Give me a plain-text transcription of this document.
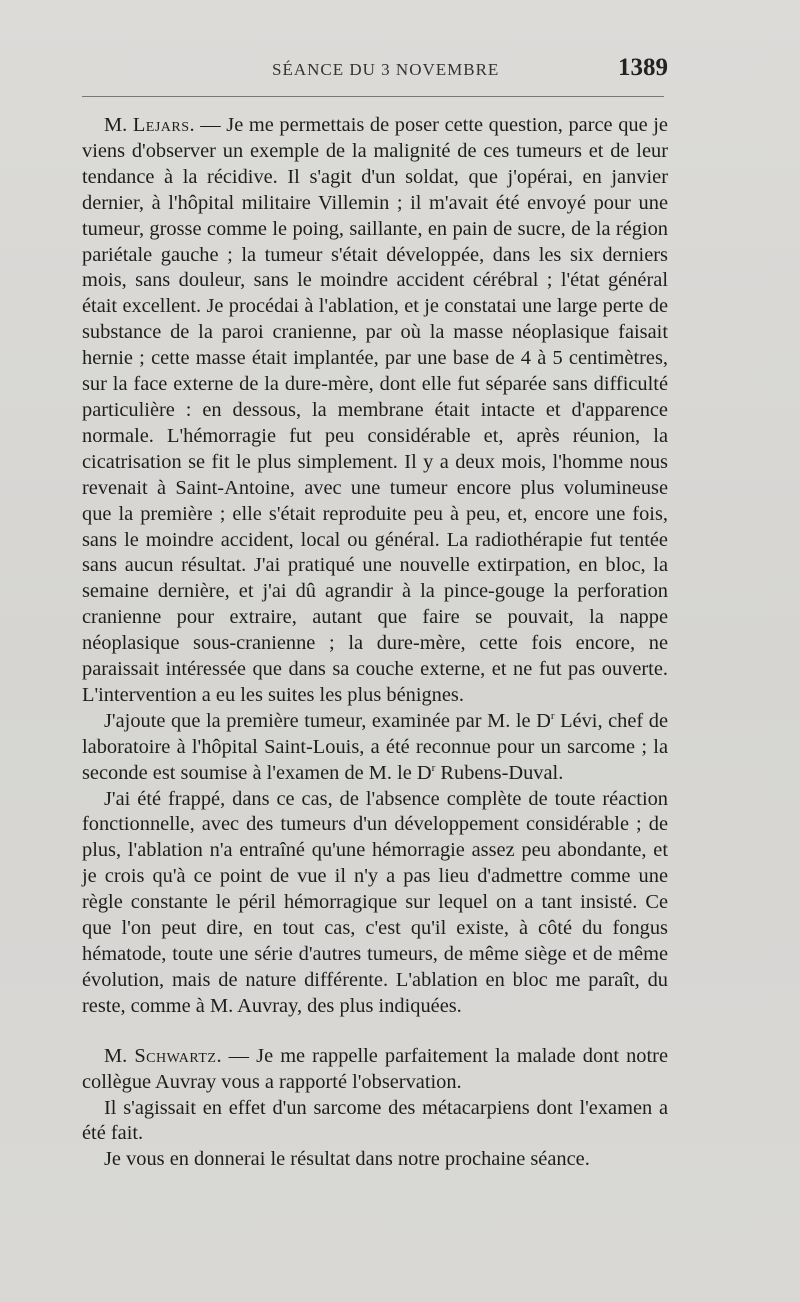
SÉANCE DU 3 NOVEMBRE	1389

M. Lejars. — Je me permettais de poser cette question, parce que je viens d'observer un exemple de la malignité de ces tumeurs et de leur tendance à la récidive. Il s'agit d'un soldat, que j'opérai, en janvier dernier, à l'hôpital militaire Villemin ; il m'avait été envoyé pour une tumeur, grosse comme le poing, saillante, en pain de sucre, de la région pariétale gauche ; la tumeur s'était développée, dans les six derniers mois, sans douleur, sans le moindre accident cérébral ; l'état général était excellent. Je procédai à l'ablation, et je constatai une large perte de substance de la paroi cranienne, par où la masse néoplasique faisait hernie ; cette masse était implantée, par une base de 4 à 5 centimètres, sur la face externe de la dure-mère, dont elle fut séparée sans difficulté particulière : en dessous, la membrane était intacte et d'apparence normale. L'hémorragie fut peu considérable et, après réunion, la cicatrisation se fit le plus simplement. Il y a deux mois, l'homme nous revenait à Saint-Antoine, avec une tumeur encore plus volumineuse que la première ; elle s'était reproduite peu à peu, et, encore une fois, sans le moindre accident, local ou général. La radiothérapie fut tentée sans aucun résultat. J'ai pratiqué une nouvelle extirpation, en bloc, la semaine dernière, et j'ai dû agrandir à la pince-gouge la perforation cranienne pour extraire, autant que faire se pouvait, la nappe néoplasique sous-cranienne ; la dure-mère, cette fois encore, ne paraissait intéressée que dans sa couche externe, et ne fut pas ouverte. L'intervention a eu les suites les plus bénignes.

J'ajoute que la première tumeur, examinée par M. le $D^r$ Lévi, chef de laboratoire à l'hôpital Saint-Louis, a été reconnue pour un sarcome ; la seconde est soumise à l'examen de M. le $D^r$ Rubens-Duval.

J'ai été frappé, dans ce cas, de l'absence complète de toute réaction fonctionnelle, avec des tumeurs d'un développement considérable ; de plus, l'ablation n'a entraîné qu'une hémorragie assez peu abondante, et je crois qu'à ce point de vue il n'y a pas lieu d'admettre comme une règle constante le péril hémorragique sur lequel on a tant insisté. Ce que l'on peut dire, en tout cas, c'est qu'il existe, à côté du fongus hématode, toute une série d'autres tumeurs, de même siège et de même évolution, mais de nature différente. L'ablation en bloc me paraît, du reste, comme à M. Auvray, des plus indiquées.

M. Schwartz. — Je me rappelle parfaitement la malade dont notre collègue Auvray vous a rapporté l'observation.

Il s'agissait en effet d'un sarcome des métacarpiens dont l'examen a été fait.

Je vous en donnerai le résultat dans notre prochaine séance.
